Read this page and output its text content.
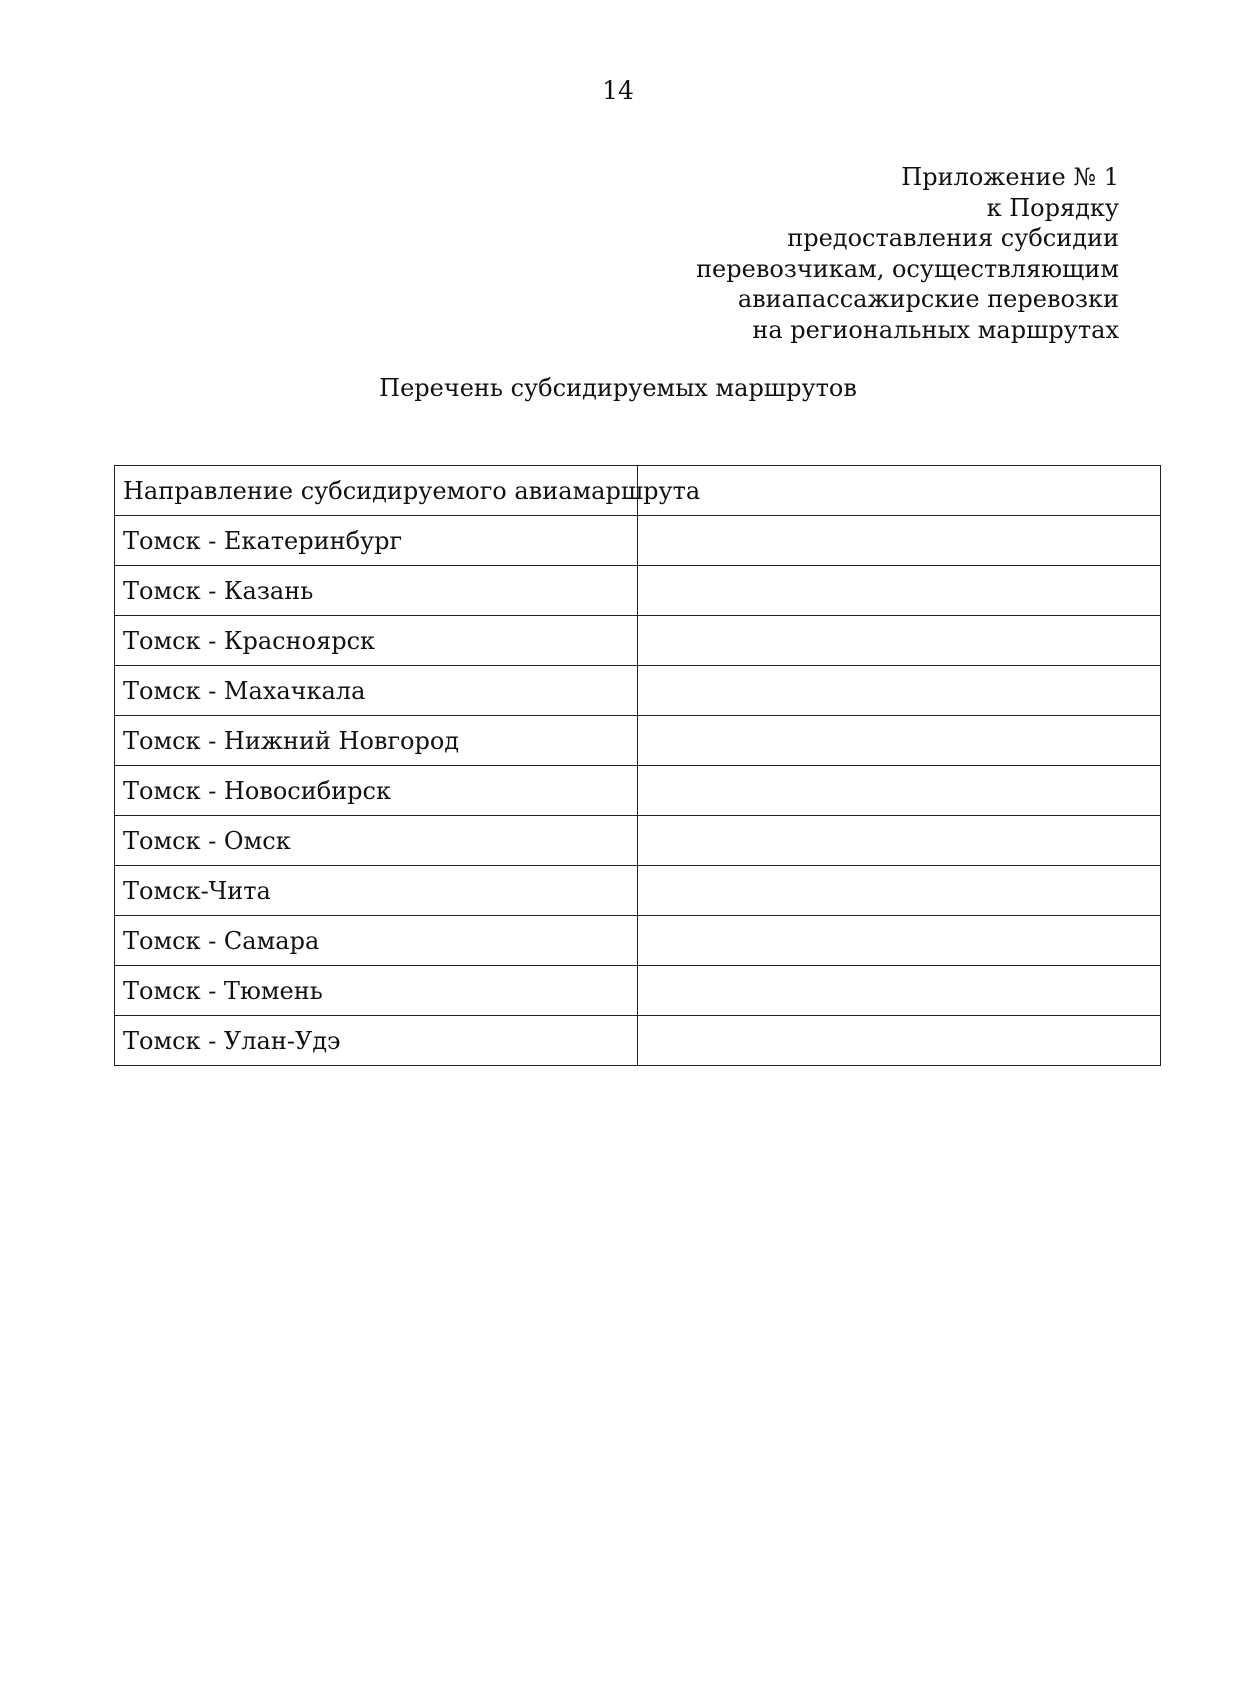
14
Приложение № 1
к Порядку
предоставления субсидии
перевозчикам, осуществляющим
авиапассажирские перевозки
на региональных маршрутах
Перечень субсидируемых маршрутов
Направление субсидируемого авиамаршрута	
Томск - Екатеринбург	
Томск - Казань	
Томск - Красноярск	
Томск - Махачкала	
Томск - Нижний Новгород	
Томск - Новосибирск	
Томск - Омск	
Томск-Чита	
Томск - Самара	
Томск - Тюмень	
Томск - Улан-Удэ	
